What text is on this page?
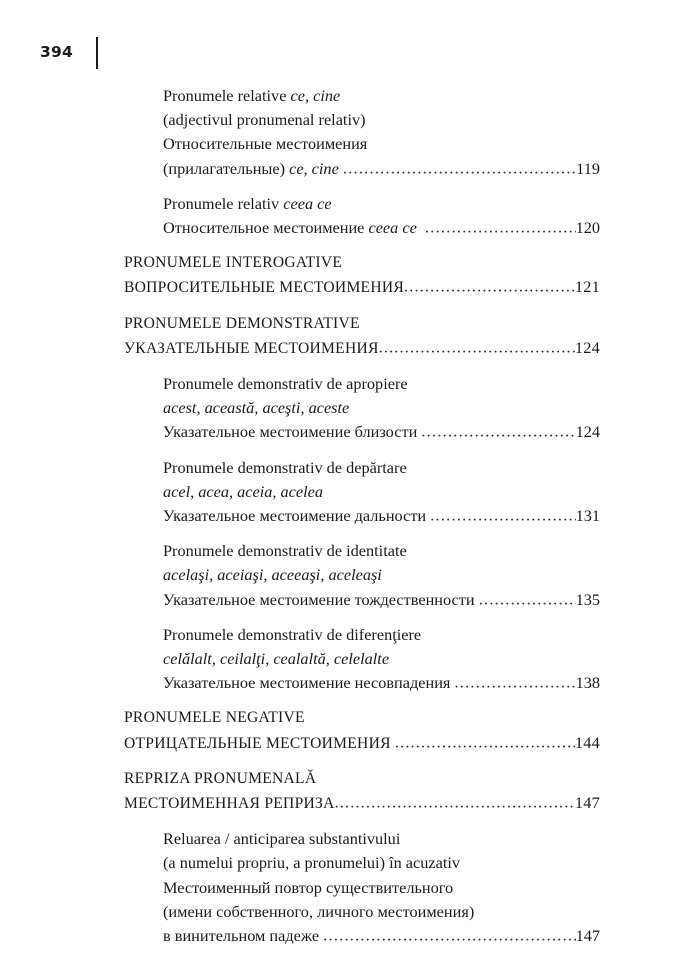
394
Pronumele relative ce, cine
(adjectivul pronumenal relativ)
Относительные местоимения
(прилагательные) ce, cine .....	119
Pronumele relativ ceea ce
Относительное местоимение ceea ce .....	120
PRONUMELE INTEROGATIVE
ВОПРОСИТЕЛЬНЫЕ МЕСТОИМЕНИЯ .....	121
PRONUMELE DEMONSTRATIVE
УКАЗАТЕЛЬНЫЕ МЕСТОИМЕНИЯ .....	124
Pronumele demonstrativ de apropiere
acest, această, aceşti, aceste
Указательное местоимение близости .....	124
Pronumele demonstrativ de depărtare
acel, acea, aceia, acelea
Указательное местоимение дальности .....	131
Pronumele demonstrativ de identitate
acelaşi, aceiaşi, aceeaşi, aceleaşi
Указательное местоимение тождественности .....	135
Pronumele demonstrativ de diferenţiere
celălalt, ceilalţi, cealaltă, celelalte
Указательное местоимение несовпадения .....	138
PRONUMELE NEGATIVE
ОТРИЦАТЕЛЬНЫЕ МЕСТОИМЕНИЯ .....	144
REPRIZA PRONUMENALĂ
МЕСТОИМЕННАЯ РЕПРИЗА .....	147
Reluarea / anticiparea substantivului
(a numelui propriu, a pronumelui) în acuzativ
Местоименный повтор существительного
(имени собственного, личного местоимения)
в винительном падеже .....	147
